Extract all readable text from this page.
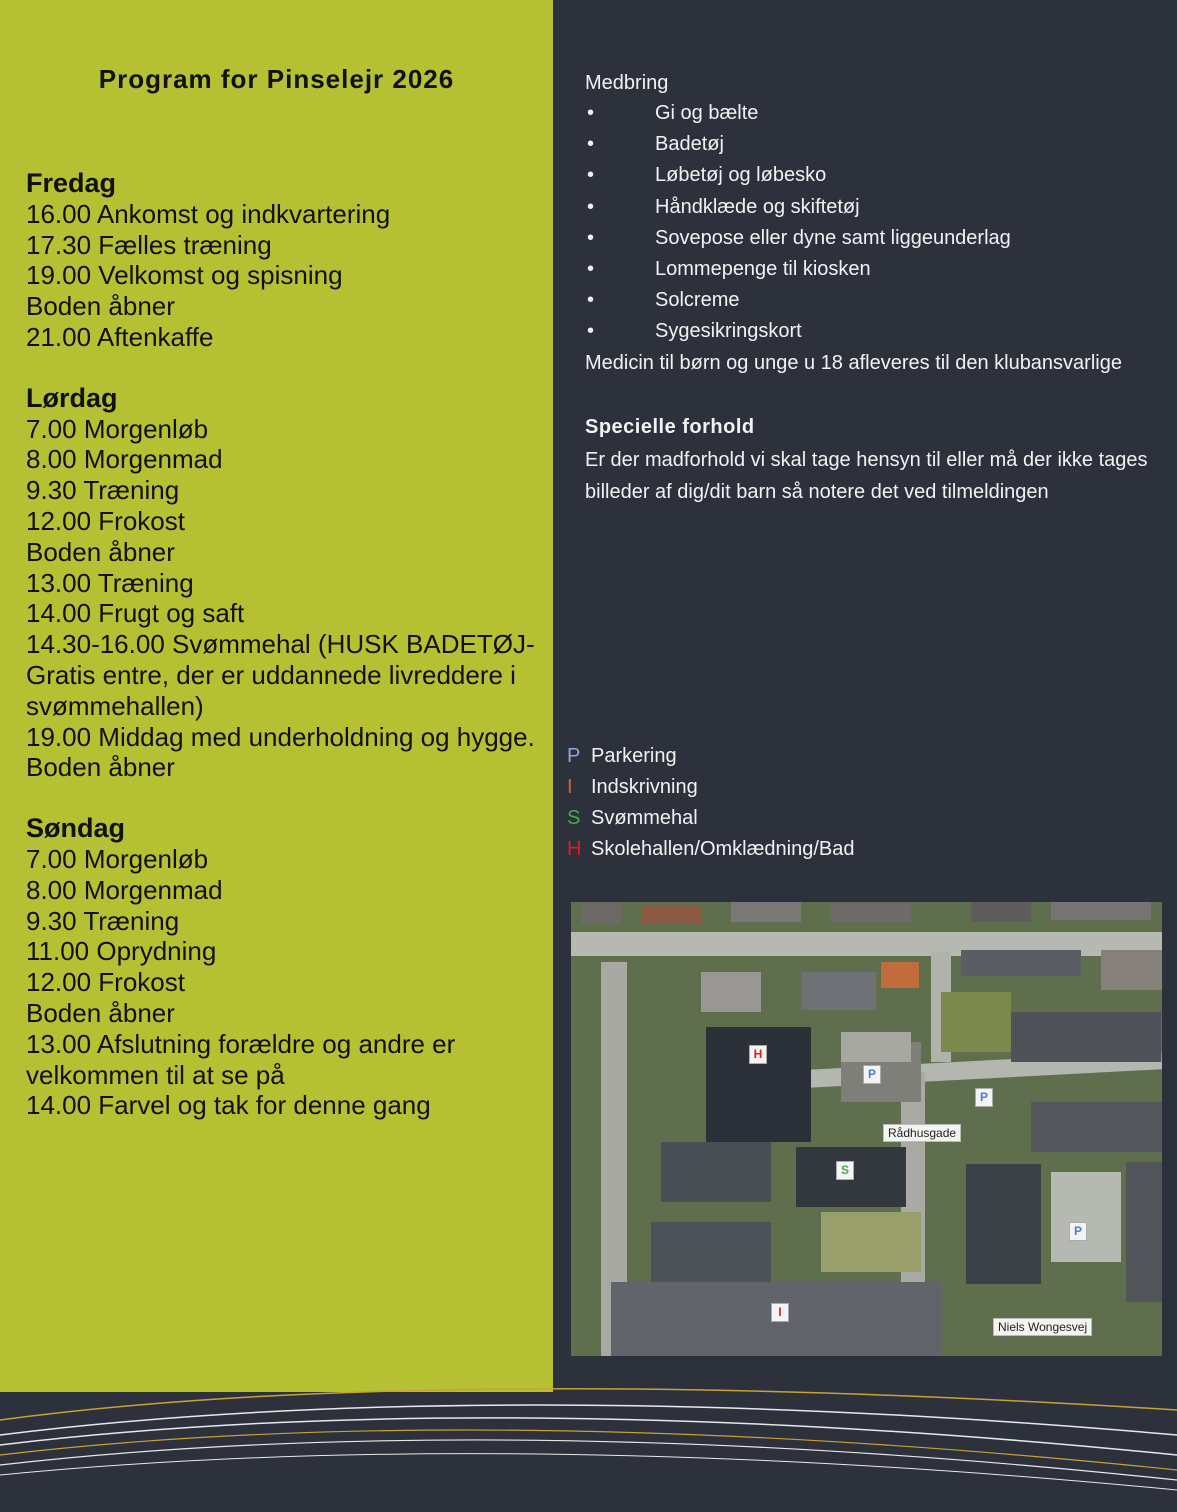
Program for Pinselejr 2026
Fredag
16.00 Ankomst og indkvartering
17.30 Fælles træning
19.00 Velkomst og spisning
Boden åbner
21.00 Aftenkaffe
Lørdag
7.00 Morgenløb
8.00 Morgenmad
9.30 Træning
12.00 Frokost
Boden åbner
13.00 Træning
14.00 Frugt og saft
14.30-16.00 Svømmehal (HUSK BADETØJ-Gratis entre, der er uddannede livreddere i svømmehallen)
19.00 Middag med underholdning og hygge.
Boden åbner
Søndag
7.00 Morgenløb
8.00 Morgenmad
9.30 Træning
11.00 Oprydning
12.00 Frokost
Boden åbner
13.00 Afslutning forældre og andre er velkommen til at se på
14.00 Farvel og tak for denne gang
Medbring
•	Gi og bælte
•	Badetøj
•	Løbetøj og løbesko
•	Håndklæde og skiftetøj
•	Sovepose eller dyne samt liggeunderlag
•	Lommepenge til kiosken
•	Solcreme
•	Sygesikringskort
Medicin til børn og unge u 18 afleveres til den klubansvarlige
Specielle forhold
Er der madforhold vi skal tage hensyn til eller må der ikke tages billeder af dig/dit barn så notere det ved tilmeldingen
P Parkering
I Indskrivning
S Svømmehal
H Skolehallen/Omklædning/Bad
H
P
P
S
P
I
Rådhusgade
Niels Wongesvej
